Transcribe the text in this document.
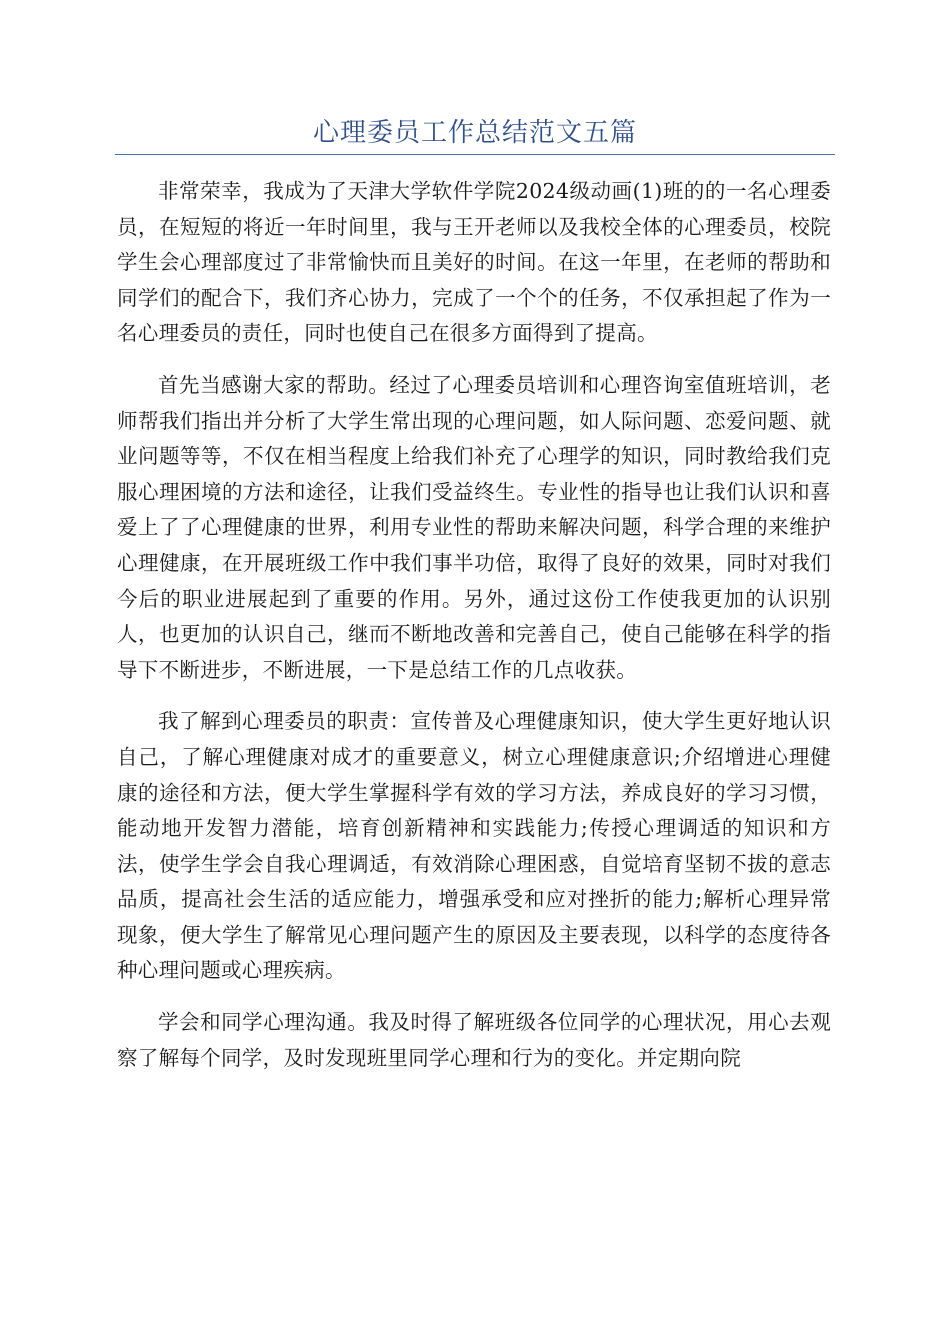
心理委员工作总结范文五篇

非常荣幸，我成为了天津大学软件学院2024级动画(1)班的的一名心理委员，在短短的将近一年时间里，我与王开老师以及我校全体的心理委员，校院学生会心理部度过了非常愉快而且美好的时间。在这一年里，在老师的帮助和同学们的配合下，我们齐心协力，完成了一个个的任务，不仅承担起了作为一名心理委员的责任，同时也使自己在很多方面得到了提高。

首先当感谢大家的帮助。经过了心理委员培训和心理咨询室值班培训，老师帮我们指出并分析了大学生常出现的心理问题，如人际问题、恋爱问题、就业问题等等，不仅在相当程度上给我们补充了心理学的知识，同时教给我们克服心理困境的方法和途径，让我们受益终生。专业性的指导也让我们认识和喜爱上了了心理健康的世界，利用专业性的帮助来解决问题，科学合理的来维护心理健康，在开展班级工作中我们事半功倍，取得了良好的效果，同时对我们今后的职业进展起到了重要的作用。另外，通过这份工作使我更加的认识别人，也更加的认识自己，继而不断地改善和完善自己，使自己能够在科学的指导下不断进步，不断进展，一下是总结工作的几点收获。

我了解到心理委员的职责：宣传普及心理健康知识，使大学生更好地认识自己，了解心理健康对成才的重要意义，树立心理健康意识;介绍增进心理健康的途径和方法，便大学生掌握科学有效的学习方法，养成良好的学习习惯，能动地开发智力潜能，培育创新精神和实践能力;传授心理调适的知识和方法，使学生学会自我心理调适，有效消除心理困惑，自觉培育坚韧不拔的意志品质，提高社会生活的适应能力，增强承受和应对挫折的能力;解析心理异常现象，便大学生了解常见心理问题产生的原因及主要表现，以科学的态度待各种心理问题或心理疾病。

学会和同学心理沟通。我及时得了解班级各位同学的心理状况，用心去观察了解每个同学，及时发现班里同学心理和行为的变化。并定期向院
